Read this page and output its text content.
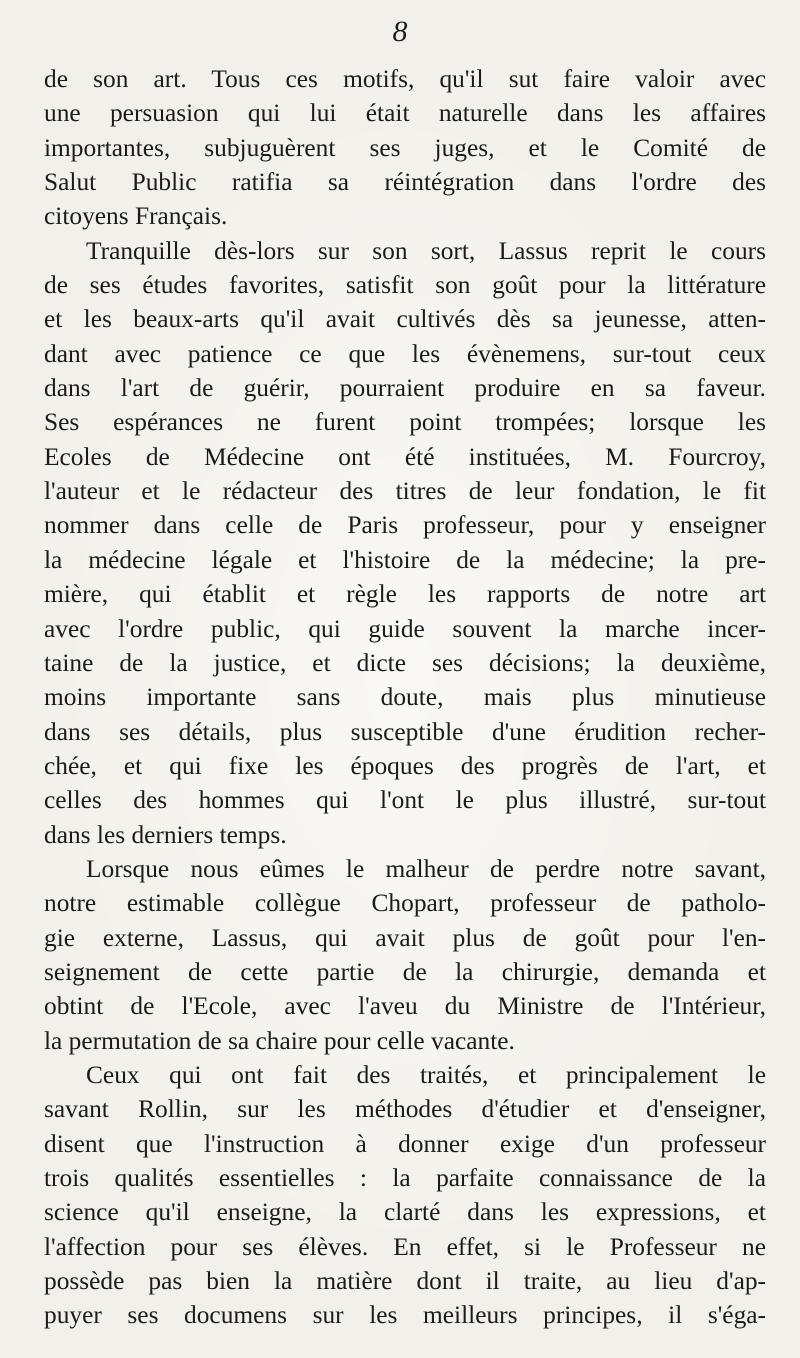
8
de son art. Tous ces motifs, qu'il sut faire valoir avec
une persuasion qui lui était naturelle dans les affaires
importantes, subjuguèrent ses juges, et le Comité de
Salut Public ratifia sa réintégration dans l'ordre des
citoyens Français.
Tranquille dès-lors sur son sort, Lassus reprit le cours
de ses études favorites, satisfit son goût pour la littérature
et les beaux-arts qu'il avait cultivés dès sa jeunesse, atten-
dant avec patience ce que les évènemens, sur-tout ceux
dans l'art de guérir, pourraient produire en sa faveur.
Ses espérances ne furent point trompées; lorsque les
Ecoles de Médecine ont été instituées, M. Fourcroy,
l'auteur et le rédacteur des titres de leur fondation, le fit
nommer dans celle de Paris professeur, pour y enseigner
la médecine légale et l'histoire de la médecine; la pre-
mière, qui établit et règle les rapports de notre art
avec l'ordre public, qui guide souvent la marche incer-
taine de la justice, et dicte ses décisions; la deuxième,
moins importante sans doute, mais plus minutieuse
dans ses détails, plus susceptible d'une érudition recher-
chée, et qui fixe les époques des progrès de l'art, et
celles des hommes qui l'ont le plus illustré, sur-tout
dans les derniers temps.
Lorsque nous eûmes le malheur de perdre notre savant,
notre estimable collègue Chopart, professeur de patholo-
gie externe, Lassus, qui avait plus de goût pour l'en-
seignement de cette partie de la chirurgie, demanda et
obtint de l'Ecole, avec l'aveu du Ministre de l'Intérieur,
la permutation de sa chaire pour celle vacante.
Ceux qui ont fait des traités, et principalement le
savant Rollin, sur les méthodes d'étudier et d'enseigner,
disent que l'instruction à donner exige d'un professeur
trois qualités essentielles : la parfaite connaissance de la
science qu'il enseigne, la clarté dans les expressions, et
l'affection pour ses élèves. En effet, si le Professeur ne
possède pas bien la matière dont il traite, au lieu d'ap-
puyer ses documens sur les meilleurs principes, il s'éga-
